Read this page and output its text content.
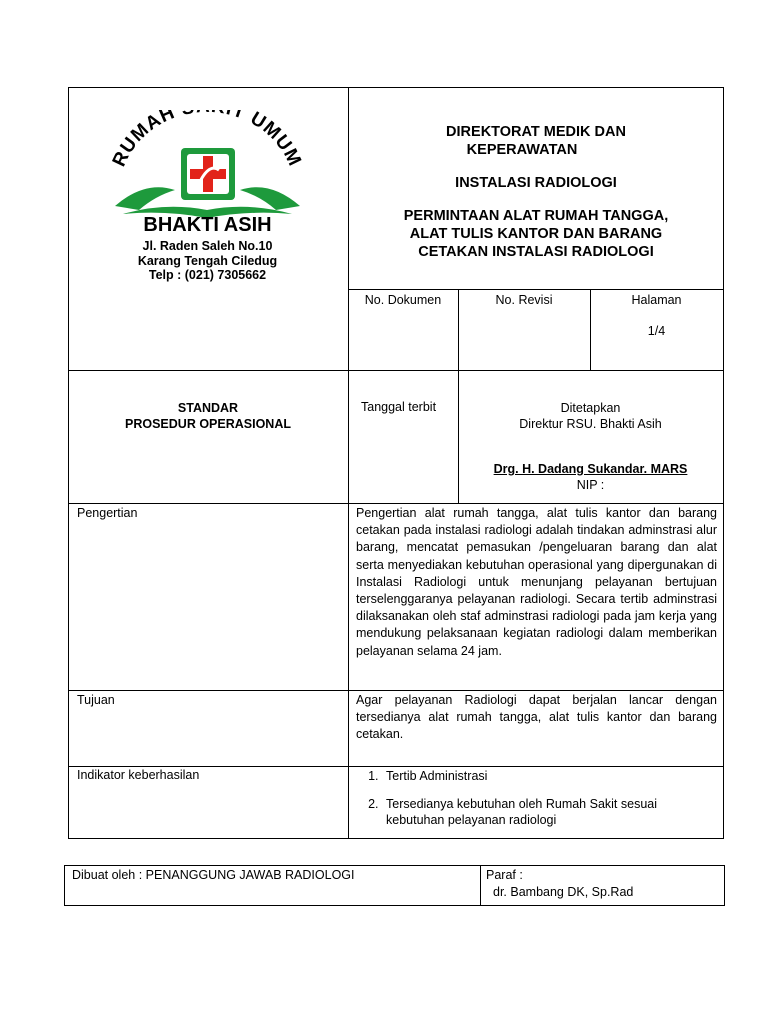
RUMAH T UMUM
BHAKTI ASIH
Jl. Raden Saleh No.10
Karang Tengah Ciledug
Telp : (021) 7305662
DIREKTORAT MEDIK DAN
KEPERAWATAN
INSTALASI RADIOLOGI
PERMINTAAN ALAT RUMAH TANGGA,
ALAT TULIS KANTOR DAN BARANG
CETAKAN INSTALASI RADIOLOGI
No. Dokumen	No. Revisi	Halaman
1/4
STANDAR
PROSEDUR OPERASIONAL
Tanggal terbit	Ditetapkan
Direktur RSU. Bhakti Asih
Drg. H. Dadang Sukandar. MARS
NIP :
Pengertian	Pengertian alat rumah tangga, alat tulis kantor dan barang cetakan pada instalasi radiologi adalah tindakan adminstrasi alur barang, mencatat pemasukan /pengeluaran barang dan alat serta menyediakan kebutuhan operasional yang dipergunakan di Instalasi Radiologi untuk menunjang pelayanan bertujuan terselenggaranya pelayanan radiologi. Secara tertib adminstrasi dilaksanakan oleh staf adminstrasi radiologi pada jam kerja yang mendukung pelaksanaan kegiatan radiologi dalam memberikan pelayanan selama 24 jam.
Tujuan	Agar pelayanan Radiologi dapat berjalan lancar dengan tersedianya alat rumah tangga, alat tulis kantor dan barang cetakan.
Indikator keberhasilan
1.	Tertib Administrasi
2. Tersedianya kebutuhan oleh Rumah Sakit sesuai kebutuhan pelayanan radiologi
Dibuat oleh : PENANGGUNG JAWAB RADIOLOGI	Paraf :
dr. Bambang DK, Sp.Rad
